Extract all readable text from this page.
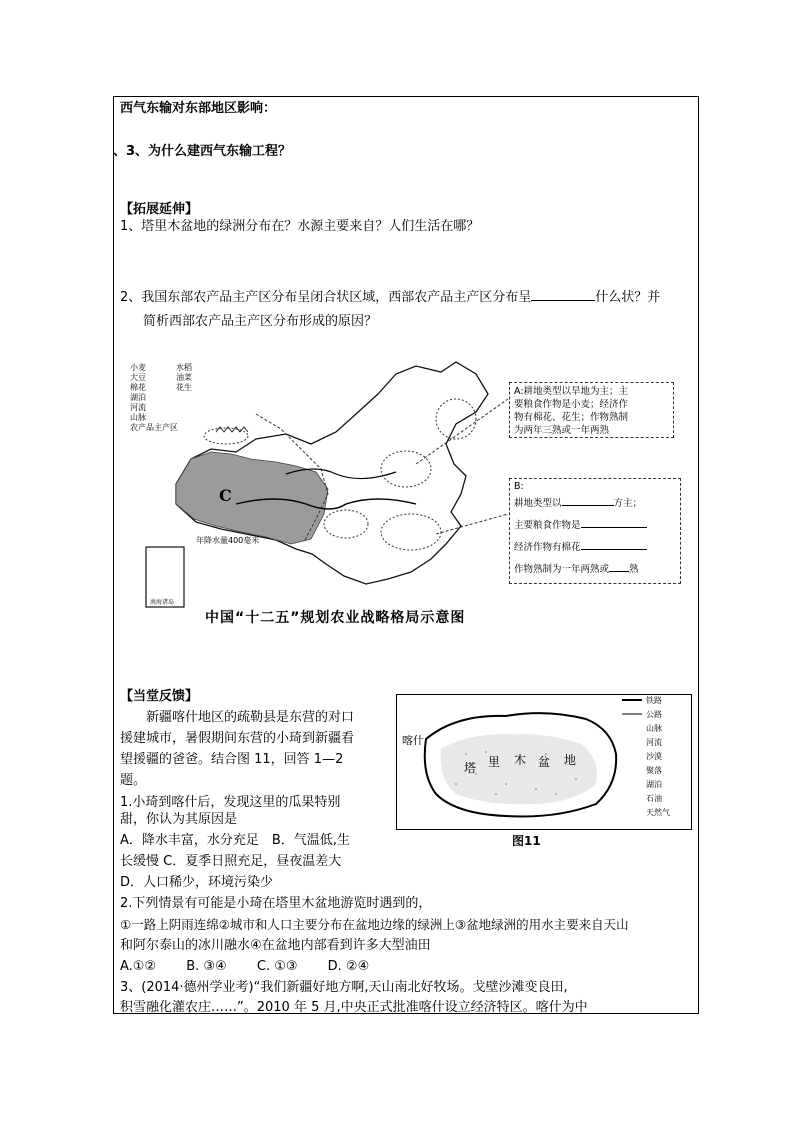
西气东输对东部地区影响：
、3、为什么建西气东输工程？
【拓展延伸】
1、塔里木盆地的绿洲分布在？水源主要来自？人们生活在哪？
2、我国东部农产品主产区分布呈闭合状区域，西部农产品主产区分布呈	什么状？并
简析西部农产品主产区分布形成的原因？
C
小麦
大豆
棉花
湖泊
河流
山脉
农产品主产区
水稻
油菜
花生
年降水量400毫米
南海诸岛
A:耕地类型以旱地为主；主
要粮食作物是小麦；经济作
物有棉花、花生；作物熟制
为两年三熟或一年两熟
B:
耕地类型以	方主；
主要粮食作物是
经济作物有棉花
作物熟制为一年两熟或 熟
中国“十二五”规划农业战略格局示意图
【当堂反馈】
新疆喀什地区的疏勒县是东营的对口
援建城市，暑假期间东营的小琦到新疆看
望援疆的爸爸。结合图 11，回答 1—2
题。
1.小琦到喀什后，发现这里的瓜果特别
甜，你认为其原因是
A．降水丰富，水分充足　B．气温低,生
长缓慢 C．夏季日照充足，昼夜温差大
D．人口稀少，环境污染少
2.下列情景有可能是小琦在塔里木盆地游览时遇到的，
①一路上阴雨连绵②城市和人口主要分布在盆地边缘的绿洲上③盆地绿洲的用水主要来自天山
和阿尔泰山的冰川融水④在盆地内部看到许多大型油田
A.①②　　 B. ③④　　 C. ①③　　 D. ②④
3、(2014·德州学业考)“我们新疆好地方啊,天山南北好牧场。戈壁沙滩变良田,
积雪融化灌农庄……”。2010 年 5 月,中央正式批准喀什设立经济特区。喀什为中
喀什
塔 里 木 盆 地
铁路
公路
山脉
河流
沙漠
聚落
湖泊
石油
天然气
图11
